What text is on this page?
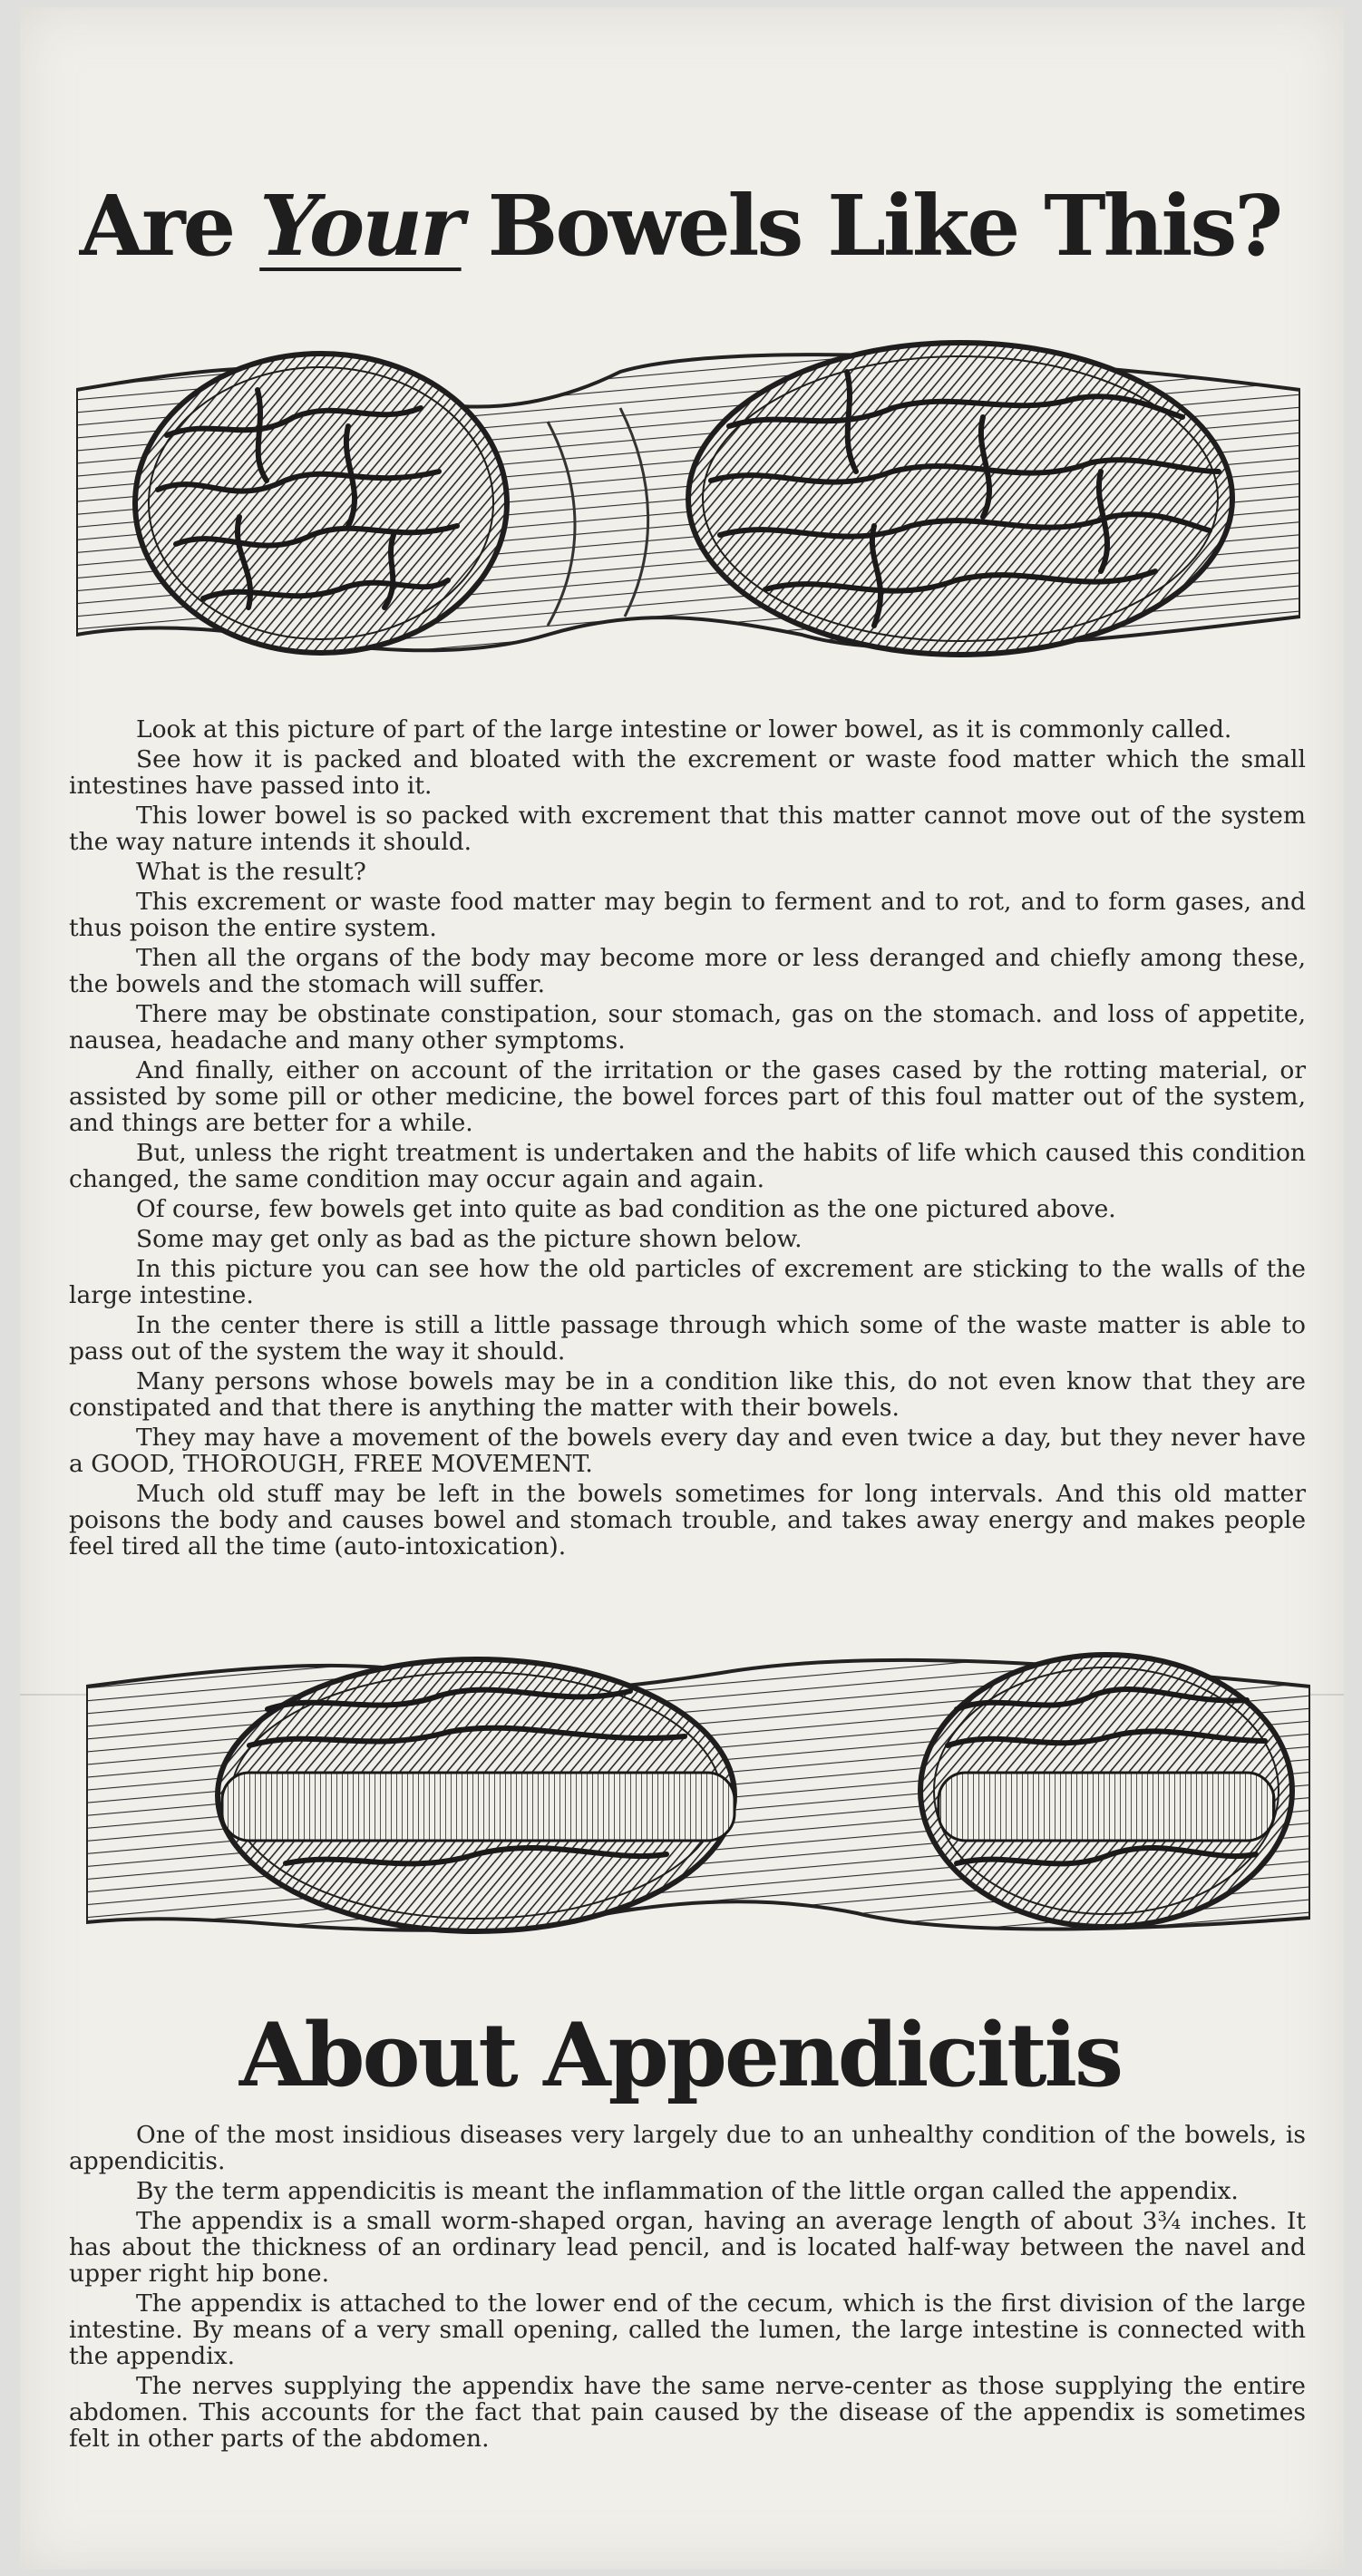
Are Your Bowels Like This?

Look at this picture of part of the large intestine or lower bowel, as it is commonly called.

See how it is packed and bloated with the excrement or waste food matter which the small intestines have passed into it.

This lower bowel is so packed with excrement that this matter cannot move out of the system the way nature intends it should.

What is the result?

This excrement or waste food matter may begin to ferment and to rot, and to form gases, and thus poison the entire system.

Then all the organs of the body may become more or less deranged and chiefly among these, the bowels and the stomach will suffer.

There may be obstinate constipation, sour stomach, gas on the stomach. and loss of appetite, nausea, headache and many other symptoms.

And finally, either on account of the irritation or the gases cased by the rotting material, or assisted by some pill or other medicine, the bowel forces part of this foul matter out of the system, and things are better for a while.

But, unless the right treatment is undertaken and the habits of life which caused this condition changed, the same condition may occur again and again.

Of course, few bowels get into quite as bad condition as the one pictured above.

Some may get only as bad as the picture shown below.

In this picture you can see how the old particles of excrement are sticking to the walls of the large intestine.

In the center there is still a little passage through which some of the waste matter is able to pass out of the system the way it should.

Many persons whose bowels may be in a condition like this, do not even know that they are constipated and that there is anything the matter with their bowels.

They may have a movement of the bowels every day and even twice a day, but they never have a GOOD, THOROUGH, FREE MOVEMENT.

Much old stuff may be left in the bowels sometimes for long intervals. And this old matter poisons the body and causes bowel and stomach trouble, and takes away energy and makes people feel tired all the time (auto-intoxication).

About Appendicitis

One of the most insidious diseases very largely due to an unhealthy condition of the bowels, is appendicitis.

By the term appendicitis is meant the inflammation of the little organ called the appendix.

The appendix is a small worm-shaped organ, having an average length of about 3¾ inches. It has about the thickness of an ordinary lead pencil, and is located half-way between the navel and upper right hip bone.

The appendix is attached to the lower end of the cecum, which is the first division of the large intestine. By means of a very small opening, called the lumen, the large intestine is connected with the appendix.

The nerves supplying the appendix have the same nerve-center as those supplying the entire abdomen. This accounts for the fact that pain caused by the disease of the appendix is sometimes felt in other parts of the abdomen.
